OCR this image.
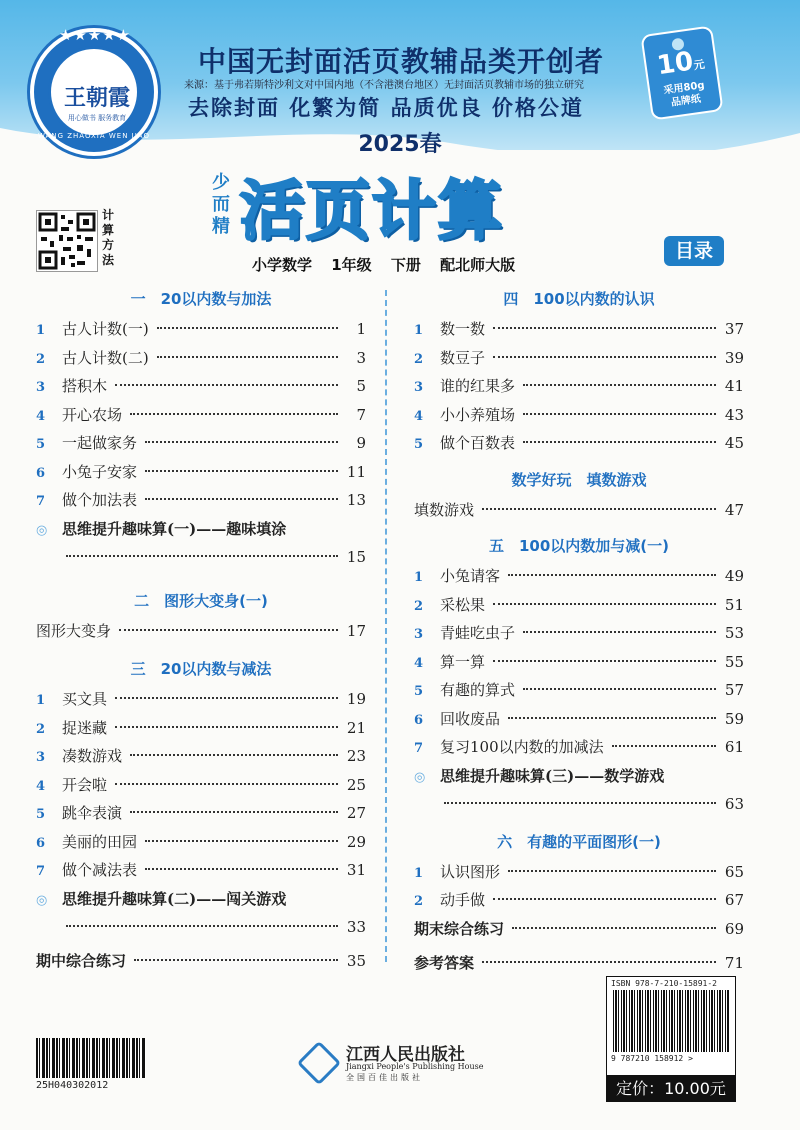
王朝霞
用心做书 服务教育
WANG ZHAOXIA WEN JIAO
★★★★★
中国无封面活页教辅品类开创者
来源：基于弗若斯特沙利文对中国内地（不含港澳台地区）无封面活页教辅市场的独立研究
去除封面 化繁为简 品质优良 价格公道
10元
采用80g
品牌纸
2025春
计算方法
少而精 活页计算
小学数学 1年级 下册 配北师大版
目录
一　20以内数与加法
1	古人计数(一)	1
2	古人计数(二)	3
3	搭积木	5
4	开心农场	7
5	一起做家务	9
6	小兔子安家	11
7	做个加法表	13
◎ 思维提升趣味算(一)——趣味填涂
15
二　图形大变身(一)
图形大变身	17
三　20以内数与减法
1	买文具	19
2	捉迷藏	21
3	凑数游戏	23
4	开会啦	25
5	跳伞表演	27
6	美丽的田园	29
7	做个减法表	31
◎ 思维提升趣味算(二)——闯关游戏
33
期中综合练习	35
四　100以内数的认识
1	数一数	37
2	数豆子	39
3	谁的红果多	41
4	小小养殖场	43
5	做个百数表	45
数学好玩　填数游戏
填数游戏	47
五　100以内数加与减(一)
1	小兔请客	49
2	采松果	51
3	青蛙吃虫子	53
4	算一算	55
5	有趣的算式	57
6	回收废品	59
7	复习100以内数的加减法	61
◎ 思维提升趣味算(三)——数学游戏
63
六　有趣的平面图形(一)
1	认识图形	65
2	动手做	67
期末综合练习	69
参考答案	71
25H040302012
江西人民出版社
Jiangxi People's Publishing House
全国百佳出版社
ISBN 978-7-210-15891-2
9 787210 158912 >
定价：10.00元
